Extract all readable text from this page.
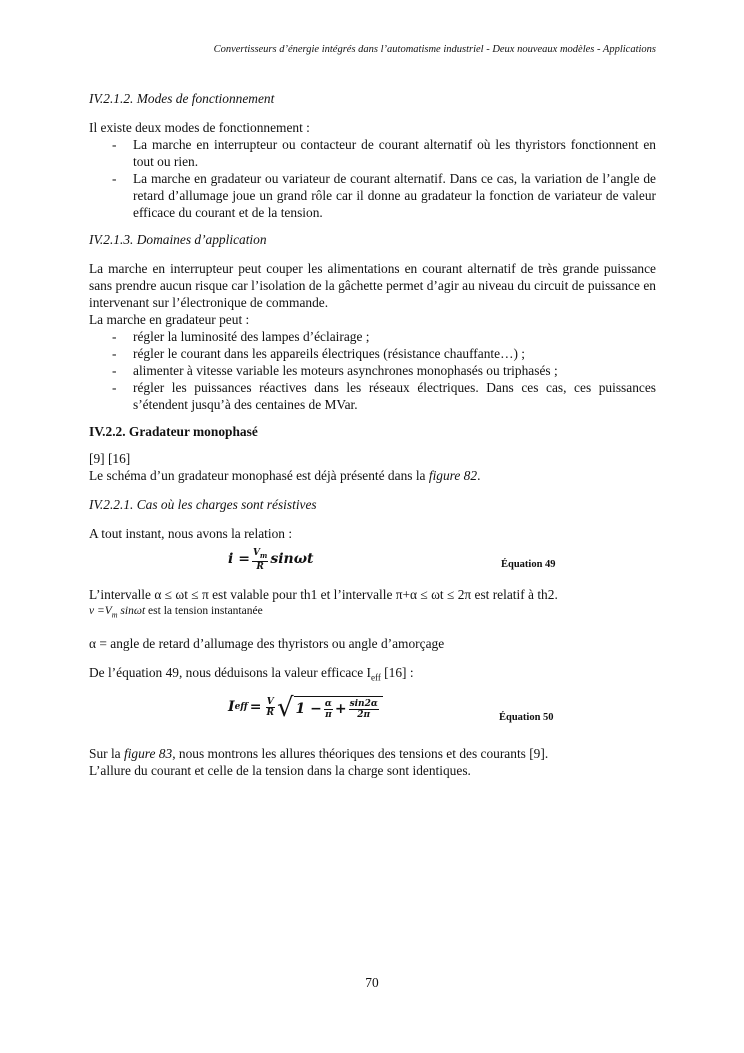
Convertisseurs d’énergie intégrés dans l’automatisme industriel - Deux nouveaux modèles - Applications

IV.2.1.2. Modes de fonctionnement

Il existe deux modes de fonctionnement :

- La marche en interrupteur ou contacteur de courant alternatif où les thyristors fonctionnent en tout ou rien.
- La marche en gradateur ou variateur de courant alternatif. Dans ce cas, la variation de l’angle de retard d’allumage joue un grand rôle car il donne au gradateur la fonction de variateur de valeur efficace du courant et de la tension.

IV.2.1.3. Domaines d’application

La marche en interrupteur peut couper les alimentations en courant alternatif de très grande puissance sans prendre aucun risque car l’isolation de la gâchette permet d’agir au niveau du circuit de puissance en intervenant sur l’électronique de commande.

La marche en gradateur peut :

- régler la luminosité des lampes d’éclairage ;
- régler le courant dans les appareils électriques (résistance chauffante…) ;
- alimenter à vitesse variable les moteurs asynchrones monophasés ou triphasés ;
- régler les puissances réactives dans les réseaux électriques. Dans ces cas, ces puissances s’étendent jusqu’à des centaines de MVar.

IV.2.2. Gradateur monophasé

[9] [16]

Le schéma d’un gradateur monophasé est déjà présenté dans la figure 82.

IV.2.2.1. Cas où les charges sont résistives

A tout instant, nous avons la relation :

$i = \frac{V_m}{R}$ sinωt	Équation 49

L’intervalle α ≤ ωt ≤ π est valable pour th1 et l’intervalle π+α ≤ ωt ≤ 2π est relatif à th2.

$v =V_m$ sinωt est la tension instantanée

α = angle de retard d’allumage des thyristors ou angle d’amorçage

De l’équation 49, nous déduisons la valeur efficace $I_{eff}$ [16] :

I eff = $\frac{V}{R}$ √ $1 - \frac{\alpha}{\pi} + \frac{\sin 2\alpha}{2\pi}$	Équation 50

Sur la figure 83, nous montrons les allures théoriques des tensions et des courants [9].

L’allure du courant et celle de la tension dans la charge sont identiques.

70
